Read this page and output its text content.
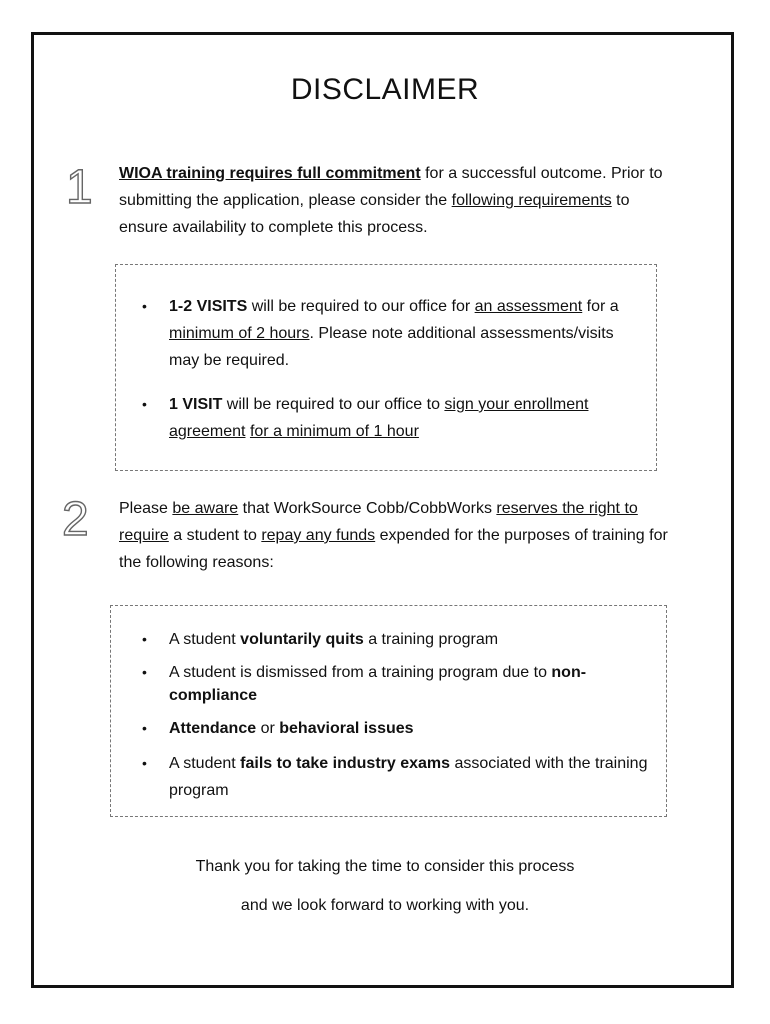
DISCLAIMER
1 WIOA training requires full commitment for a successful outcome. Prior to submitting the application, please consider the following requirements to ensure availability to complete this process.
• 1-2 VISITS will be required to our office for an assessment for a minimum of 2 hours. Please note additional assessments/visits may be required.
• 1 VISIT will be required to our office to sign your enrollment agreement for a minimum of 1 hour
2 Please be aware that WorkSource Cobb/CobbWorks reserves the right to require a student to repay any funds expended for the purposes of training for the following reasons:
• A student voluntarily quits a training program
• A student is dismissed from a training program due to non-compliance
• Attendance or behavioral issues
• A student fails to take industry exams associated with the training program
Thank you for taking the time to consider this process
and we look forward to working with you.
